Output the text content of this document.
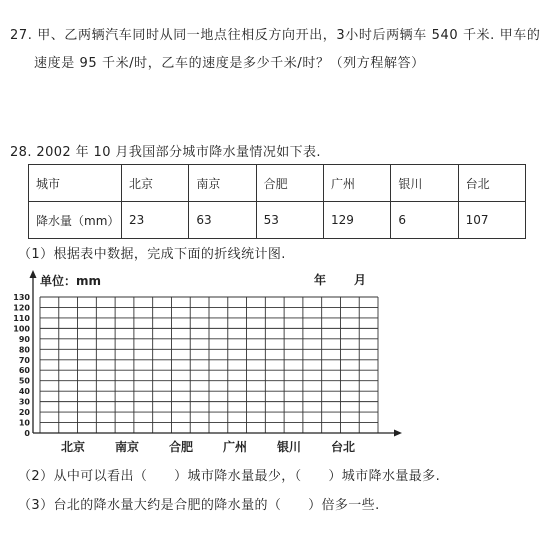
27. 甲、乙两辆汽车同时从同一地点往相反方向开出，3小时后两辆车 540 千米. 甲车的
速度是 95 千米/时，乙车的速度是多少千米/时？（列方程解答）
28. 2002 年 10 月我国部分城市降水量情况如下表.
城市	北京	南京	合肥	广州	银川	台北
降水量（mm）	23	63	53	129	6	107
（1）根据表中数据，完成下面的折线统计图.
单位：mm	年 月
130
120
110
100
90
80
70
60
50
40
30
20
10
0
北京 南京 合肥 广州 银川 台北
（2）从中可以看出（　　）城市降水量最少，（　　）城市降水量最多.
（3）台北的降水量大约是合肥的降水量的（　　）倍多一些.
